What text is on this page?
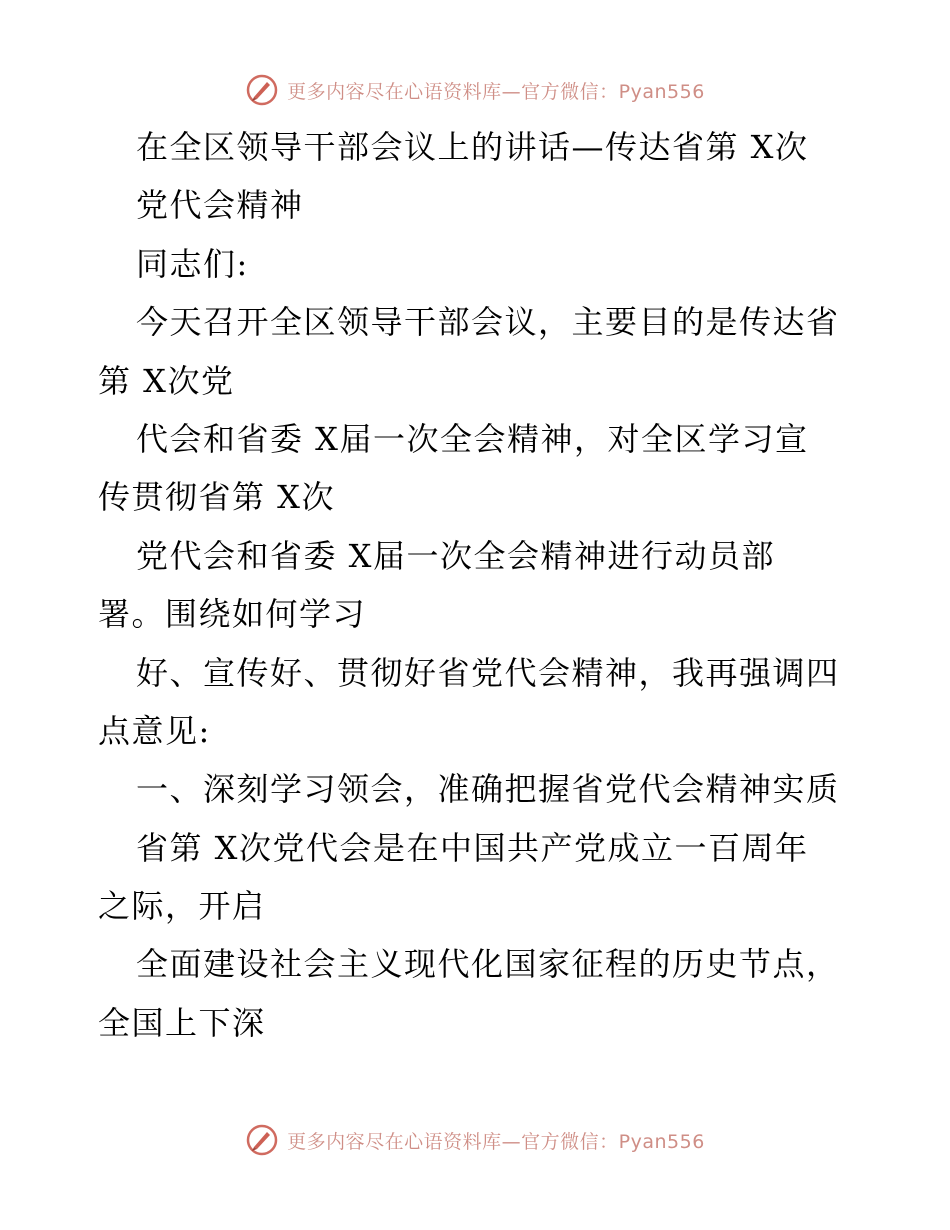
更多内容尽在心语资料库—官方微信：Pyan556
在全区领导干部会议上的讲话—传达省第 X次
党代会精神
同志们:
今天召开全区领导干部会议，主要目的是传达省
第 X次党
代会和省委 X届一次全会精神，对全区学习宣
传贯彻省第 X次
党代会和省委 X届一次全会精神进行动员部
署。围绕如何学习
好、宣传好、贯彻好省党代会精神，我再强调四
点意见:
一、深刻学习领会，准确把握省党代会精神实质
省第 X次党代会是在中国共产党成立一百周年
之际，开启
全面建设社会主义现代化国家征程的历史节点，
全国上下深
更多内容尽在心语资料库—官方微信：Pyan556
